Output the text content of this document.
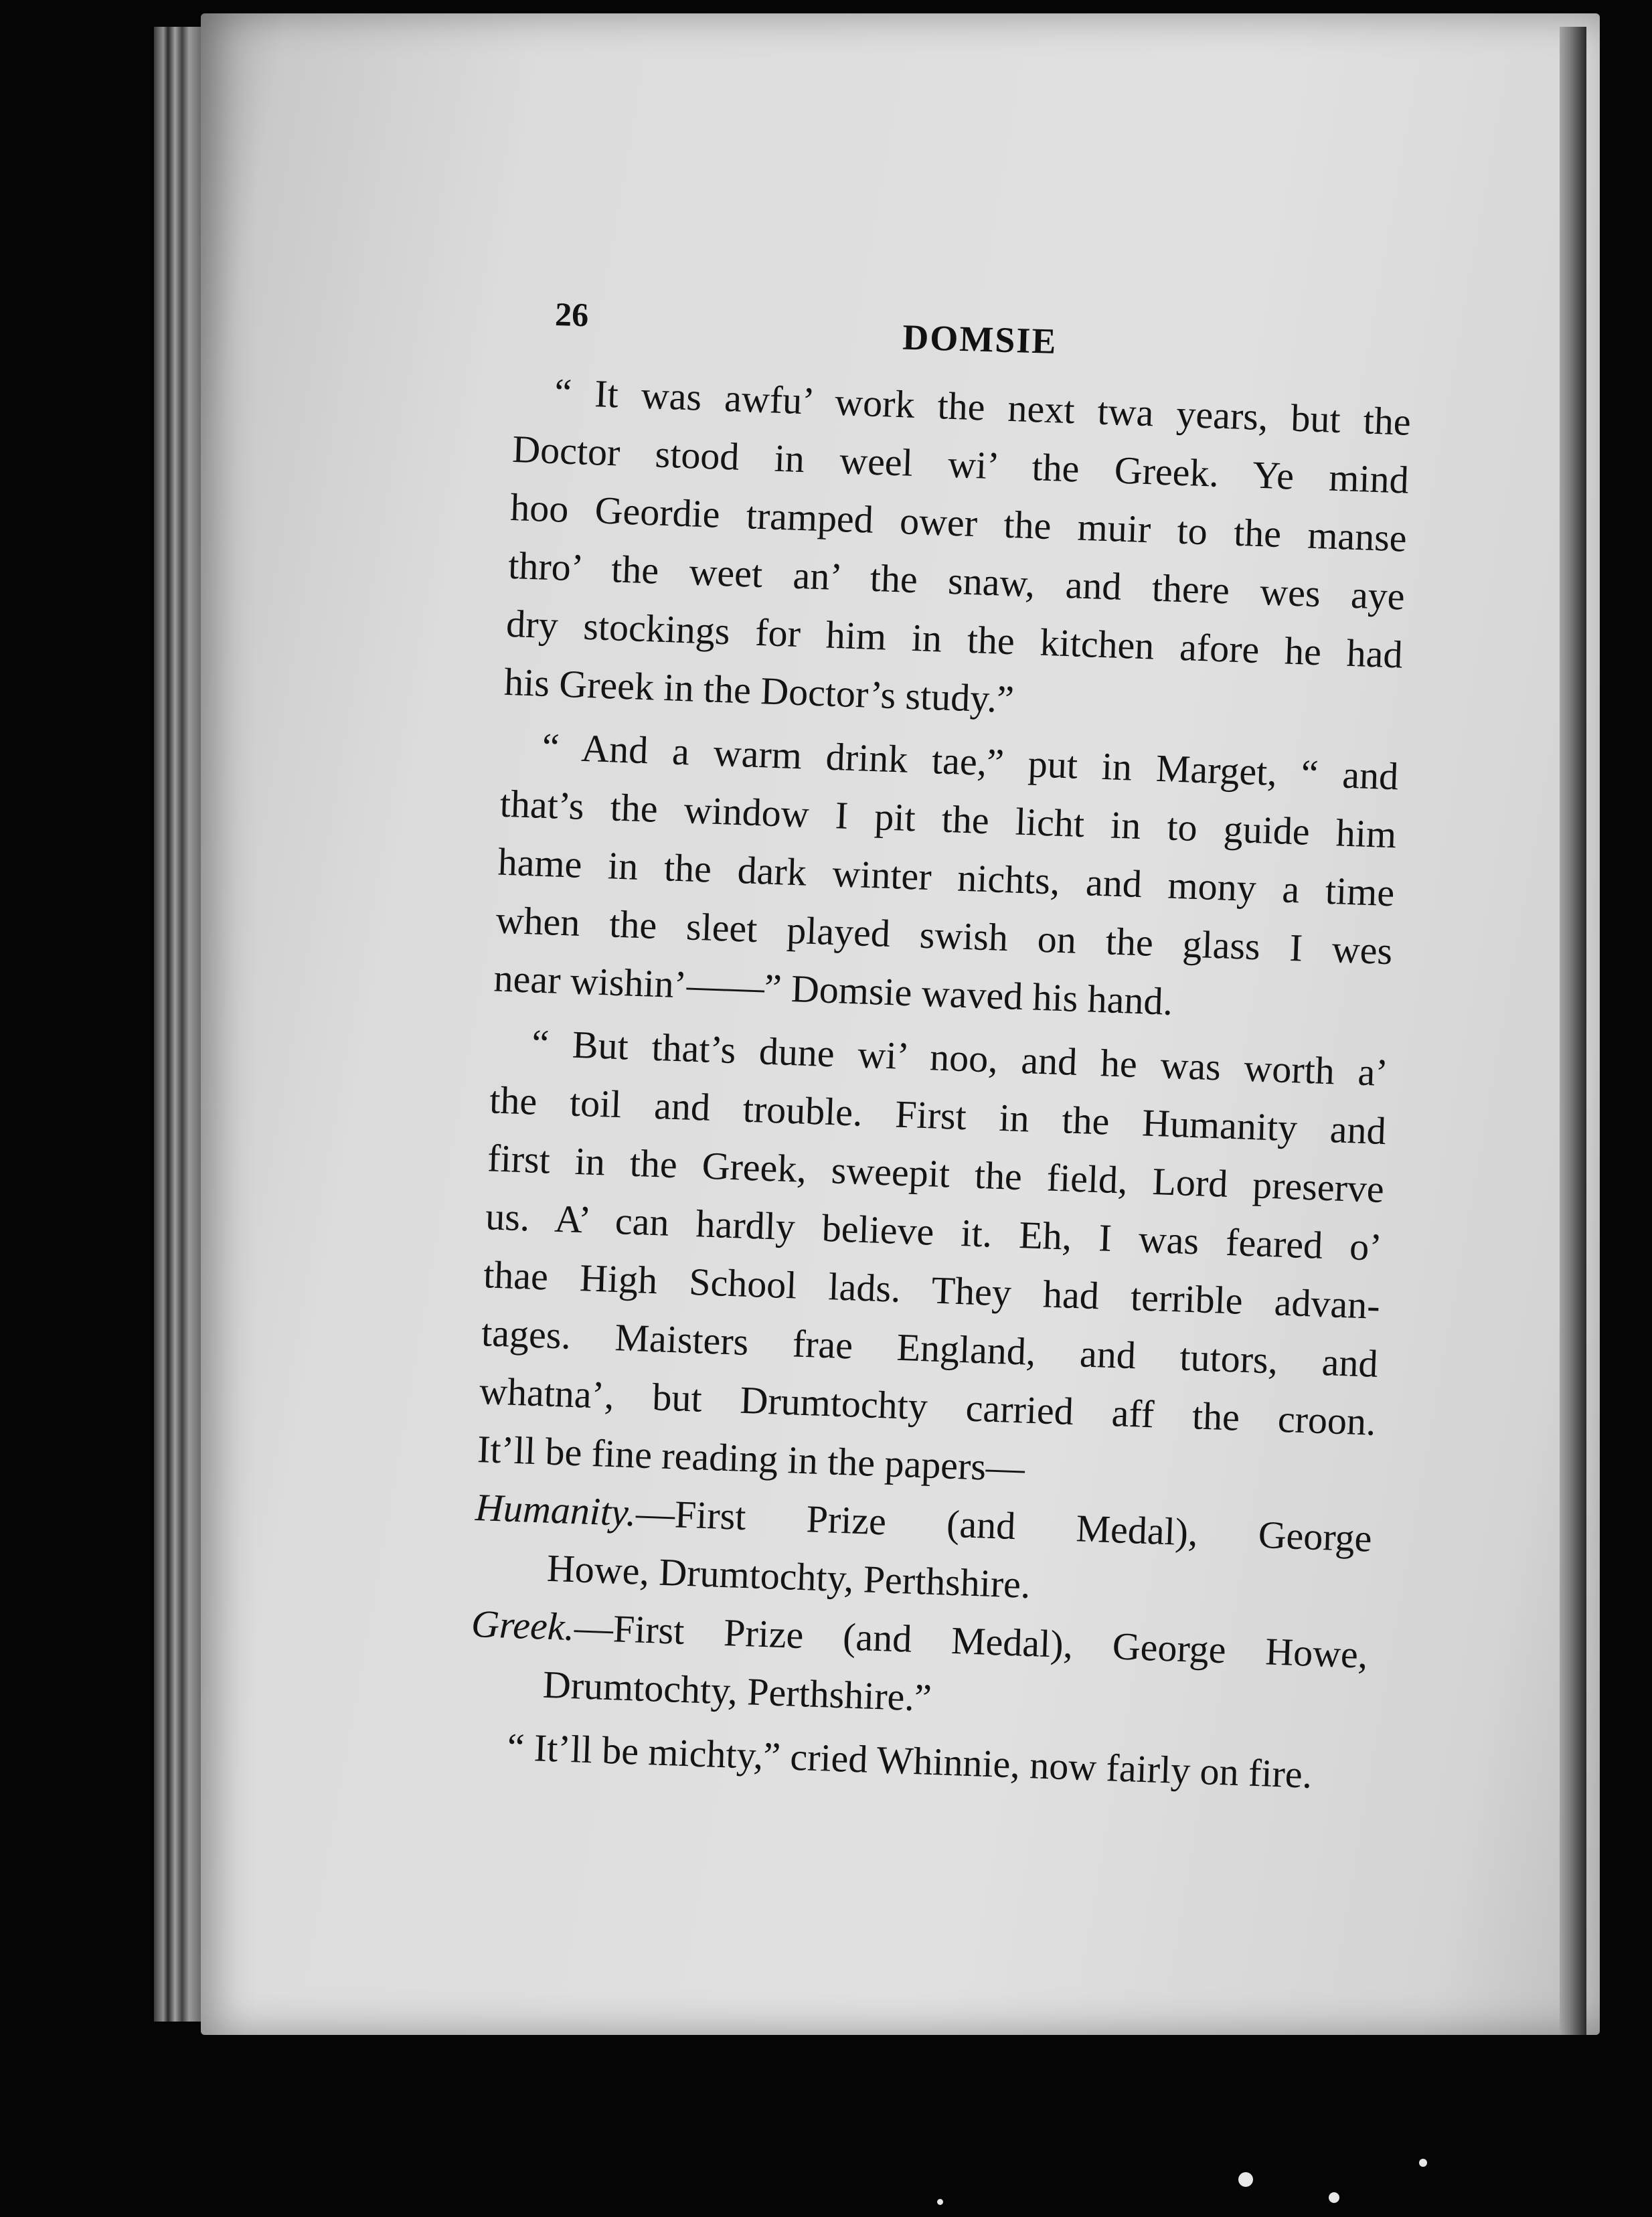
26
DOMSIE
“ It was awfu’ work the next twa years, but the
Doctor stood in weel wi’ the Greek. Ye mind
hoo Geordie tramped ower the muir to the manse
thro’ the weet an’ the snaw, and there wes aye
dry stockings for him in the kitchen afore he had
his Greek in the Doctor’s study.”
“ And a warm drink tae,” put in Marget, “ and
that’s the window I pit the licht in to guide him
hame in the dark winter nichts, and mony a time
when the sleet played swish on the glass I wes
near wishin’——” Domsie waved his hand.
“ But that’s dune wi’ noo, and he was worth a’
the toil and trouble. First in the Humanity and
first in the Greek, sweepit the field, Lord preserve
us. A’ can hardly believe it. Eh, I was feared o’
thae High School lads. They had terrible advan-
tages. Maisters frae England, and tutors, and
whatna’, but Drumtochty carried aff the croon.
It’ll be fine reading in the papers—
Humanity.—First Prize (and Medal), George
Howe, Drumtochty, Perthshire.
Greek.—First Prize (and Medal), George Howe,
Drumtochty, Perthshire.”
“ It’ll be michty,” cried Whinnie, now fairly on fire.
